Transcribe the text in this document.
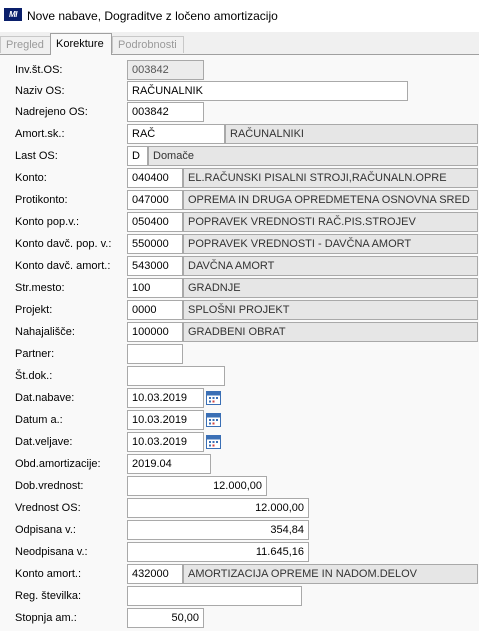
MI Nove nabave, Dograditve z ločeno amortizacijo
Pregled	Korekture	Podrobnosti
Inv.št.OS:	003842
Naziv OS:	RAČUNALNIK
Nadrejeno OS:	003842
Amort.sk.:	RAČ	RAČUNALNIKI
Last OS:	D	Domače
Konto:	040400	EL.RAČUNSKI PISALNI STROJI,RAČUNALN.OPRE
Protikonto:	047000	OPREMA IN DRUGA OPREDMETENA OSNOVNA SRED
Konto pop.v.:	050400	POPRAVEK VREDNOSTI RAČ.PIS.STROJEV
Konto davč. pop. v.:	550000	POPRAVEK VREDNOSTI - DAVČNA AMORT
Konto davč. amort.:	543000	DAVČNA AMORT
Str.mesto:	100	GRADNJE
Projekt:	0000	SPLOŠNI PROJEKT
Nahajališče:	100000	GRADBENI OBRAT
Partner:
Št.dok.:
Dat.nabave:	10.03.2019
Datum a.:	10.03.2019
Dat.veljave:	10.03.2019
Obd.amortizacije:	2019.04
Dob.vrednost:	12.000,00
Vrednost OS:	12.000,00
Odpisana v.:	354,84
Neodpisana v.:	11.645,16
Konto amort.:	432000	AMORTIZACIJA OPREME IN NADOM.DELOV
Reg. številka:
Stopnja am.:	50,00
